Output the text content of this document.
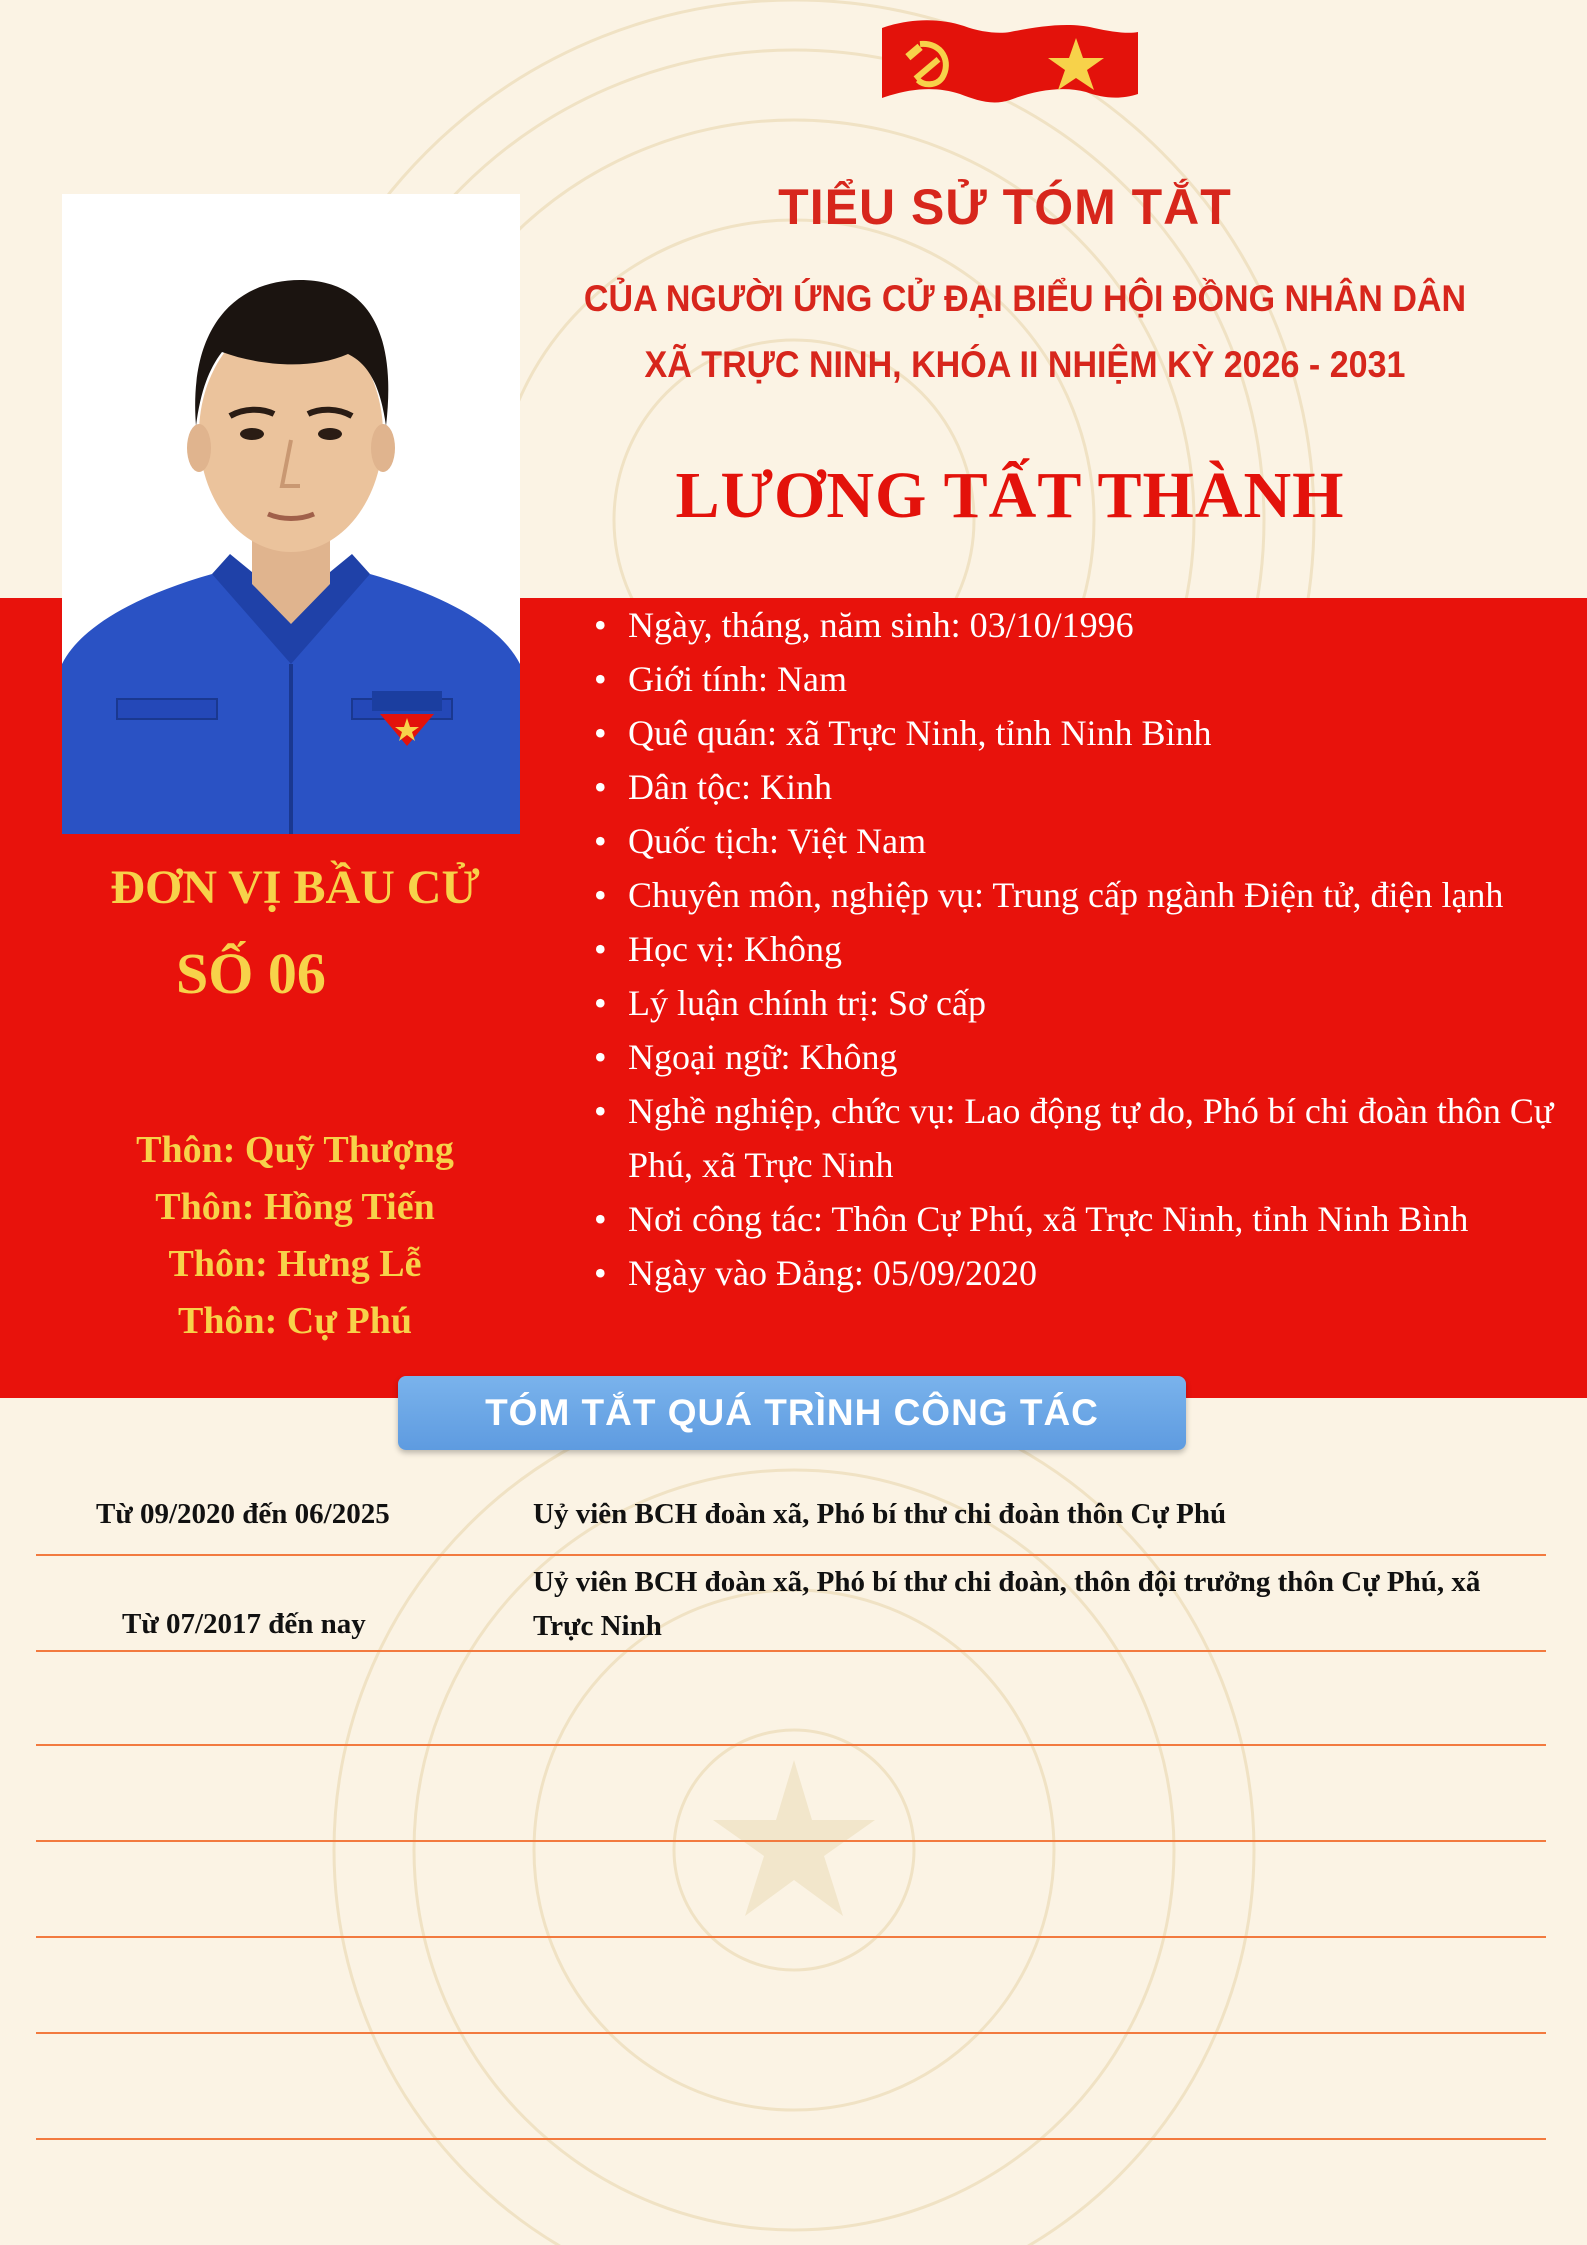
TIỂU SỬ TÓM TẮT
CỦA NGƯỜI ỨNG CỬ ĐẠI BIỂU HỘI ĐỒNG NHÂN DÂN
XÃ TRỰC NINH, KHÓA II NHIỆM KỲ 2026 - 2031
LƯƠNG TẤT THÀNH
ĐƠN VỊ BẦU CỬ
SỐ 06
Thôn: Quỹ Thượng
Thôn: Hồng Tiến
Thôn: Hưng Lễ
Thôn: Cự Phú
• Ngày, tháng, năm sinh: 03/10/1996
• Giới tính: Nam
• Quê quán: xã Trực Ninh, tỉnh Ninh Bình
• Dân tộc: Kinh
• Quốc tịch: Việt Nam
• Chuyên môn, nghiệp vụ: Trung cấp ngành Điện tử, điện lạnh
• Học vị: Không
• Lý luận chính trị: Sơ cấp
• Ngoại ngữ: Không
• Nghề nghiệp, chức vụ: Lao động tự do, Phó bí chi đoàn thôn Cự Phú, xã Trực Ninh
• Nơi công tác: Thôn Cự Phú, xã Trực Ninh, tỉnh Ninh Bình
• Ngày vào Đảng: 05/09/2020
TÓM TẮT QUÁ TRÌNH CÔNG TÁC
Từ 09/2020 đến 06/2025	Uỷ viên BCH đoàn xã, Phó bí thư chi đoàn thôn Cự Phú
Từ 07/2017 đến nay
Uỷ viên BCH đoàn xã, Phó bí thư chi đoàn, thôn đội trưởng thôn Cự Phú, xã Trực Ninh
